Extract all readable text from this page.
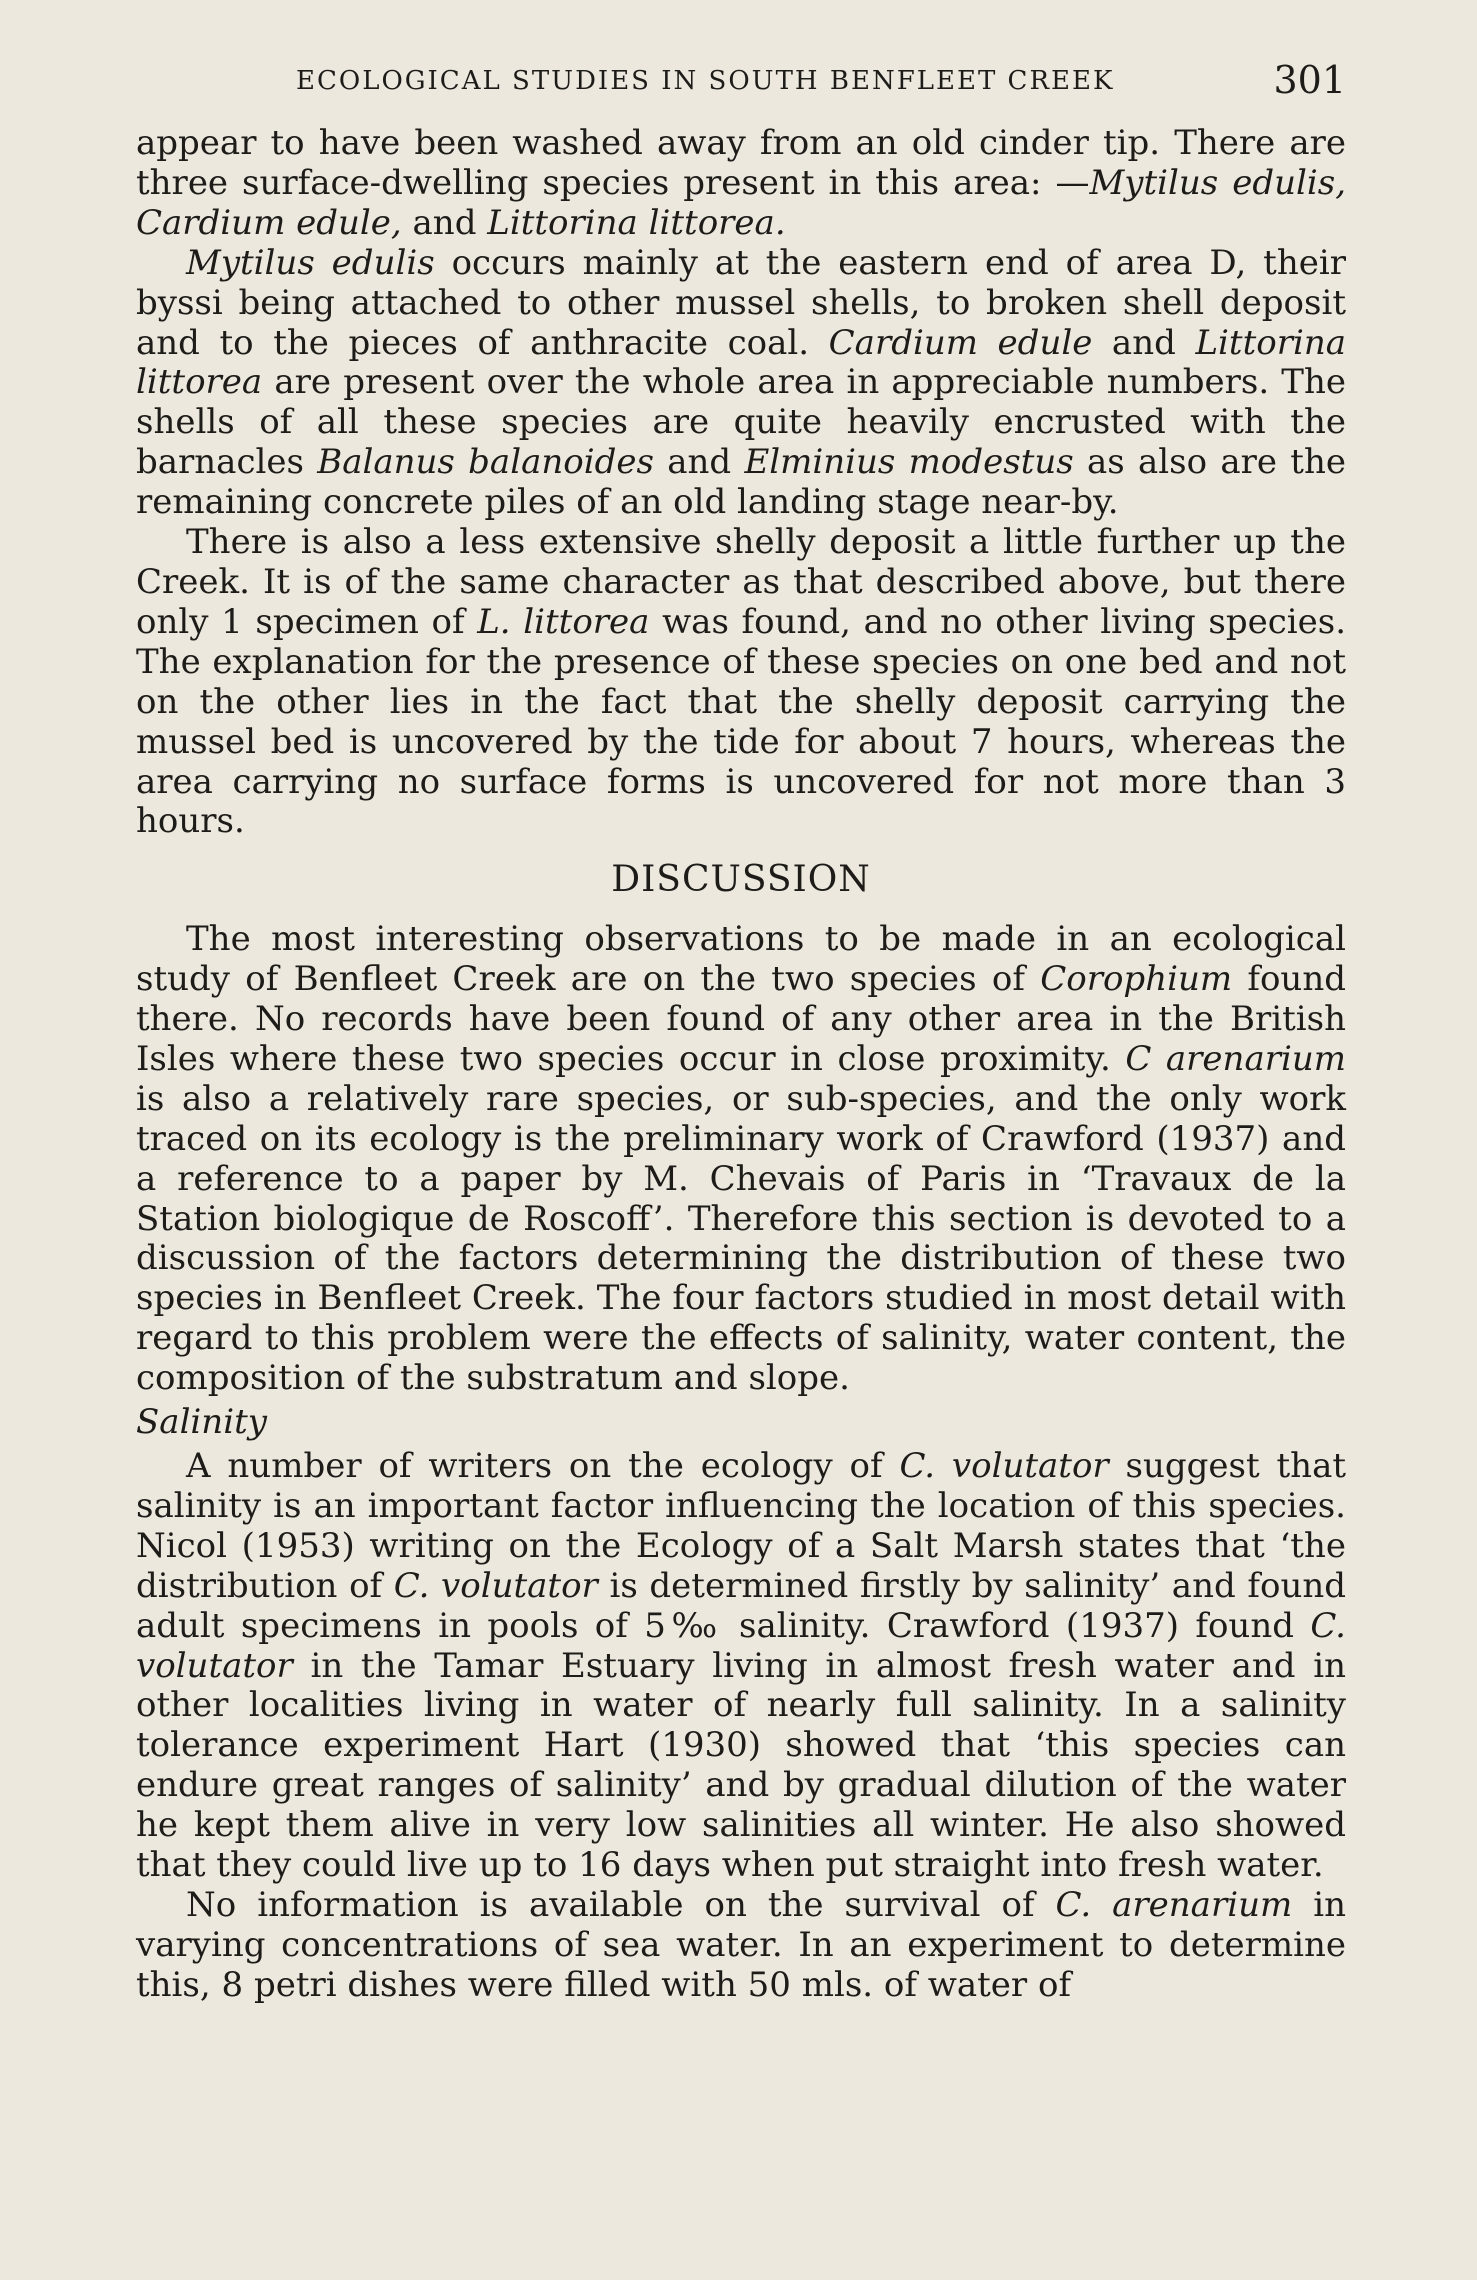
ECOLOGICAL STUDIES IN SOUTH BENFLEET CREEK	301

appear to have been washed away from an old cinder tip. There are three surface-dwelling species present in this area: —Mytilus edulis, Cardium edule, and Littorina littorea.

Mytilus edulis occurs mainly at the eastern end of area D, their byssi being attached to other mussel shells, to broken shell deposit and to the pieces of anthracite coal. Cardium edule and Littorina littorea are present over the whole area in appreciable numbers. The shells of all these species are quite heavily encrusted with the barnacles Balanus balanoides and Elminius modestus as also are the remaining concrete piles of an old landing stage near-by.

There is also a less extensive shelly deposit a little further up the Creek. It is of the same character as that described above, but there only 1 specimen of L. littorea was found, and no other living species. The explanation for the presence of these species on one bed and not on the other lies in the fact that the shelly deposit carrying the mussel bed is uncovered by the tide for about 7 hours, whereas the area carrying no surface forms is uncovered for not more than 3 hours.

DISCUSSION

The most interesting observations to be made in an ecological study of Benfleet Creek are on the two species of Corophium found there. No records have been found of any other area in the British Isles where these two species occur in close proximity. C arenarium is also a relatively rare species, or sub-species, and the only work traced on its ecology is the preliminary work of Crawford (1937) and a reference to a paper by M. Chevais of Paris in ‘Travaux de la Station biologique de Roscoff’. Therefore this section is devoted to a discussion of the factors determining the distribution of these two species in Benfleet Creek. The four factors studied in most detail with regard to this problem were the effects of salinity, water content, the composition of the substratum and slope.

Salinity

A number of writers on the ecology of C. volutator suggest that salinity is an important factor influencing the location of this species. Nicol (1953) writing on the Ecology of a Salt Marsh states that ‘the distribution of C. volutator is determined firstly by salinity’ and found adult specimens in pools of 5‰ salinity. Crawford (1937) found C. volutator in the Tamar Estuary living in almost fresh water and in other localities living in water of nearly full salinity. In a salinity tolerance experiment Hart (1930) showed that ‘this species can endure great ranges of salinity’ and by gradual dilution of the water he kept them alive in very low salinities all winter. He also showed that they could live up to 16 days when put straight into fresh water.

No information is available on the survival of C. arenarium in varying concentrations of sea water. In an experiment to determine this, 8 petri dishes were filled with 50 mls. of water of
